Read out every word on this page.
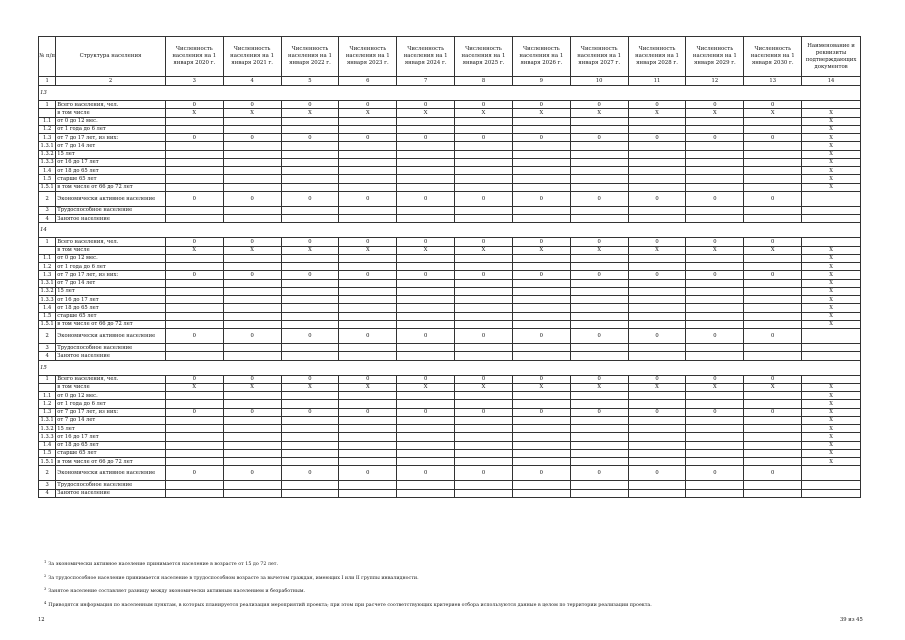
№ п/п	Структура населения	Численность населения на 1 января 2020 г.	Численность населения на 1 января 2021 г.	Численность населения на 1 января 2022 г.	Численность населения на 1 января 2023 г.	Численность населения на 1 января 2024 г.	Численность населения на 1 января 2025 г.	Численность населения на 1 января 2026 г.	Численность населения на 1 января 2027 г.	Численность населения на 1 января 2028 г.	Численность населения на 1 января 2029 г.	Численность населения на 1 января 2030 г.	Наименование и реквизиты подтверждающих документов
1	2	3	4	5	6	7	8	9	10	11	12	13	14
13													
1	Всего населения, чел.	0	0	0	0	0	0	0	0	0	0	0	
	в том числе	X	X	X	X	X	X	X	X	X	X	X	X
1.1	от 0 до 12 мес.												X
1.2	от 1 года до 6 лет												X
1.3	от 7 до 17 лет, из них:	0	0	0	0	0	0	0	0	0	0	0	X
1.3.1	от 7 до 14 лет												X
1.3.2	15 лет												X
1.3.3	от 16 до 17 лет												X
1.4	от 18 до 65 лет												X
1.5	старше 65 лет												X
1.5.1	в том числе от 66 до 72 лет												X
2	Экономически активное население	0	0	0	0	0	0	0	0	0	0	0	
3	Трудоспособное население												
4	Занятое население												
14													
1	Всего населения, чел.	0	0	0	0	0	0	0	0	0	0	0	
	в том числе	X	X	X	X	X	X	X	X	X	X	X	X
1.1	от 0 до 12 мес.												X
1.2	от 1 года до 6 лет												X
1.3	от 7 до 17 лет, из них:	0	0	0	0	0	0	0	0	0	0	0	X
1.3.1	от 7 до 14 лет												X
1.3.2	15 лет												X
1.3.3	от 16 до 17 лет												X
1.4	от 18 до 65 лет												X
1.5	старше 65 лет												X
1.5.1	в том числе от 66 до 72 лет												X
2	Экономически активное население	0	0	0	0	0	0	0	0	0	0	0	
3	Трудоспособное население												
4	Занятое население												
15													
1	Всего населения, чел.	0	0	0	0	0	0	0	0	0	0	0	
	в том числе	X	X	X	X	X	X	X	X	X	X	X	X
1.1	от 0 до 12 мес.												X
1.2	от 1 года до 6 лет												X
1.3	от 7 до 17 лет, из них:	0	0	0	0	0	0	0	0	0	0	0	X
1.3.1	от 7 до 14 лет												X
1.3.2	15 лет												X
1.3.3	от 16 до 17 лет												X
1.4	от 18 до 65 лет												X
1.5	старше 65 лет												X
1.5.1	в том числе от 66 до 72 лет												X
2	Экономически активное население	0	0	0	0	0	0	0	0	0	0	0	
3	Трудоспособное население												
4	Занятое население												
$^1$ За экономически активное население принимается население в возрасте от 15 до 72 лет.
$^2$ За трудоспособное население принимается население в трудоспособном возрасте за вычетом граждан, имеющих I или II группы инвалидности.
$^3$ Занятое население составляет разницу между экономически активным населением и безработным.
$^4$ Приводятся информация по населенным пунктам, в которых планируется реализация мероприятий проекта; при этом при расчете соответствующих критериев отбора используются данные в целом по территории реализации проекта.
12	39 из 45
